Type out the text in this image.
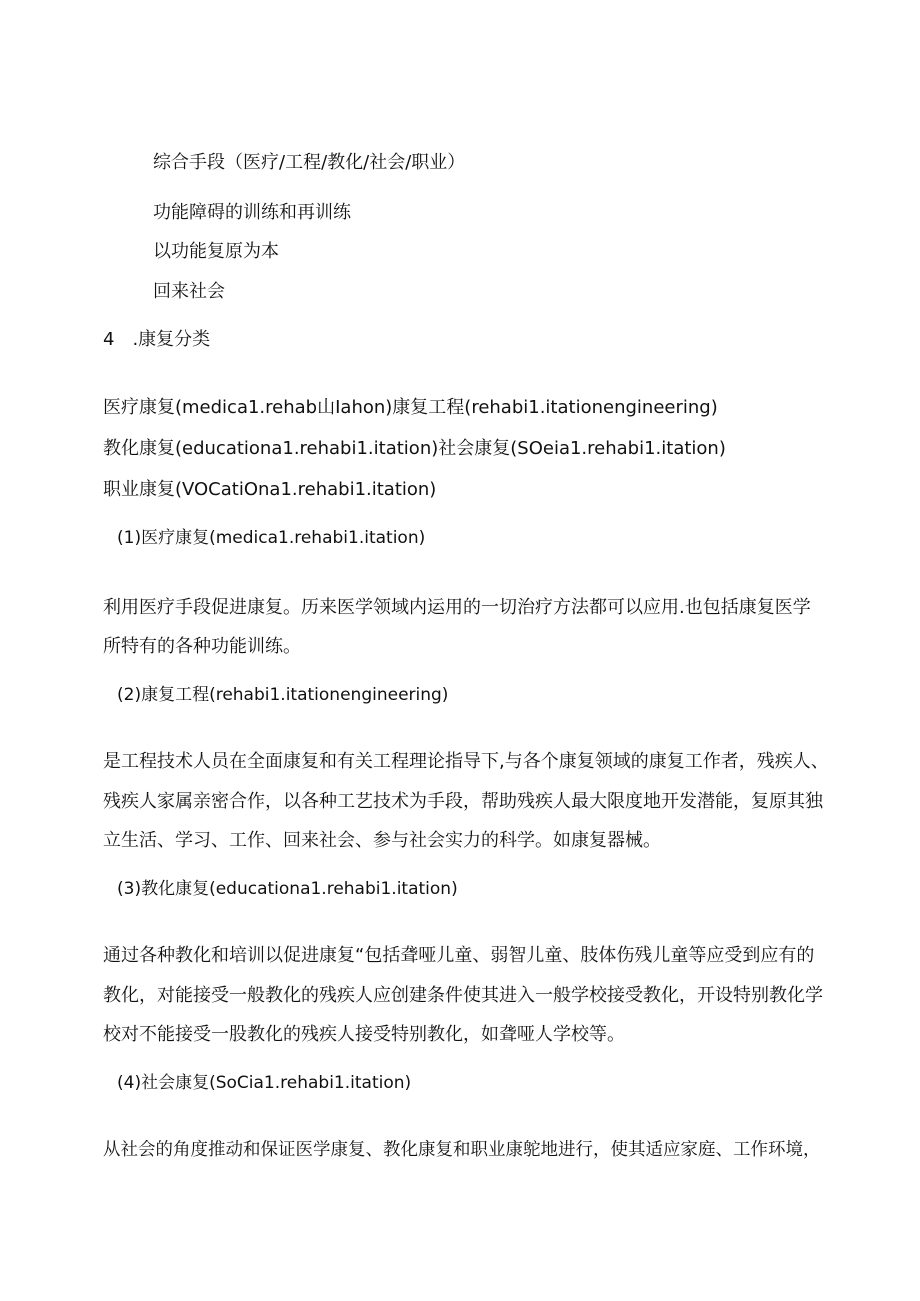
综合手段（医疗/工程/教化/社会/职业）
功能障碍的训练和再训练
以功能复原为本
回来社会
4　.康复分类
医疗康复(medica1.rehab山Iahon)康复工程(rehabi1.itationengineering)
教化康复(educationa1.rehabi1.itation)社会康复(SOeia1.rehabi1.itation)
职业康复(VOCatiOna1.rehabi1.itation)
(1)医疗康复(medica1.rehabi1.itation)
利用医疗手段促进康复。历来医学领域内运用的一切治疗方法都可以应用.也包括康复医学
所特有的各种功能训练。
(2)康复工程(rehabi1.itationengineering)
是工程技术人员在全面康复和有关工程理论指导下,与各个康复领域的康复工作者，残疾人、
残疾人家属亲密合作，以各种工艺技术为手段，帮助残疾人最大限度地开发潜能，复原其独
立生活、学习、工作、回来社会、参与社会实力的科学。如康复器械。
(3)教化康复(educationa1.rehabi1.itation)
通过各种教化和培训以促进康复“包括聋哑儿童、弱智儿童、肢体伤残儿童等应受到应有的
教化，对能接受一般教化的残疾人应创建条件使其进入一般学校接受教化，开设特别教化学
校对不能接受一股教化的残疾人接受特别教化，如聋哑人学校等。
(4)社会康复(SoCia1.rehabi1.itation)
从社会的角度推动和保证医学康复、教化康复和职业康鸵地进行，使其适应家庭、工作环境，
